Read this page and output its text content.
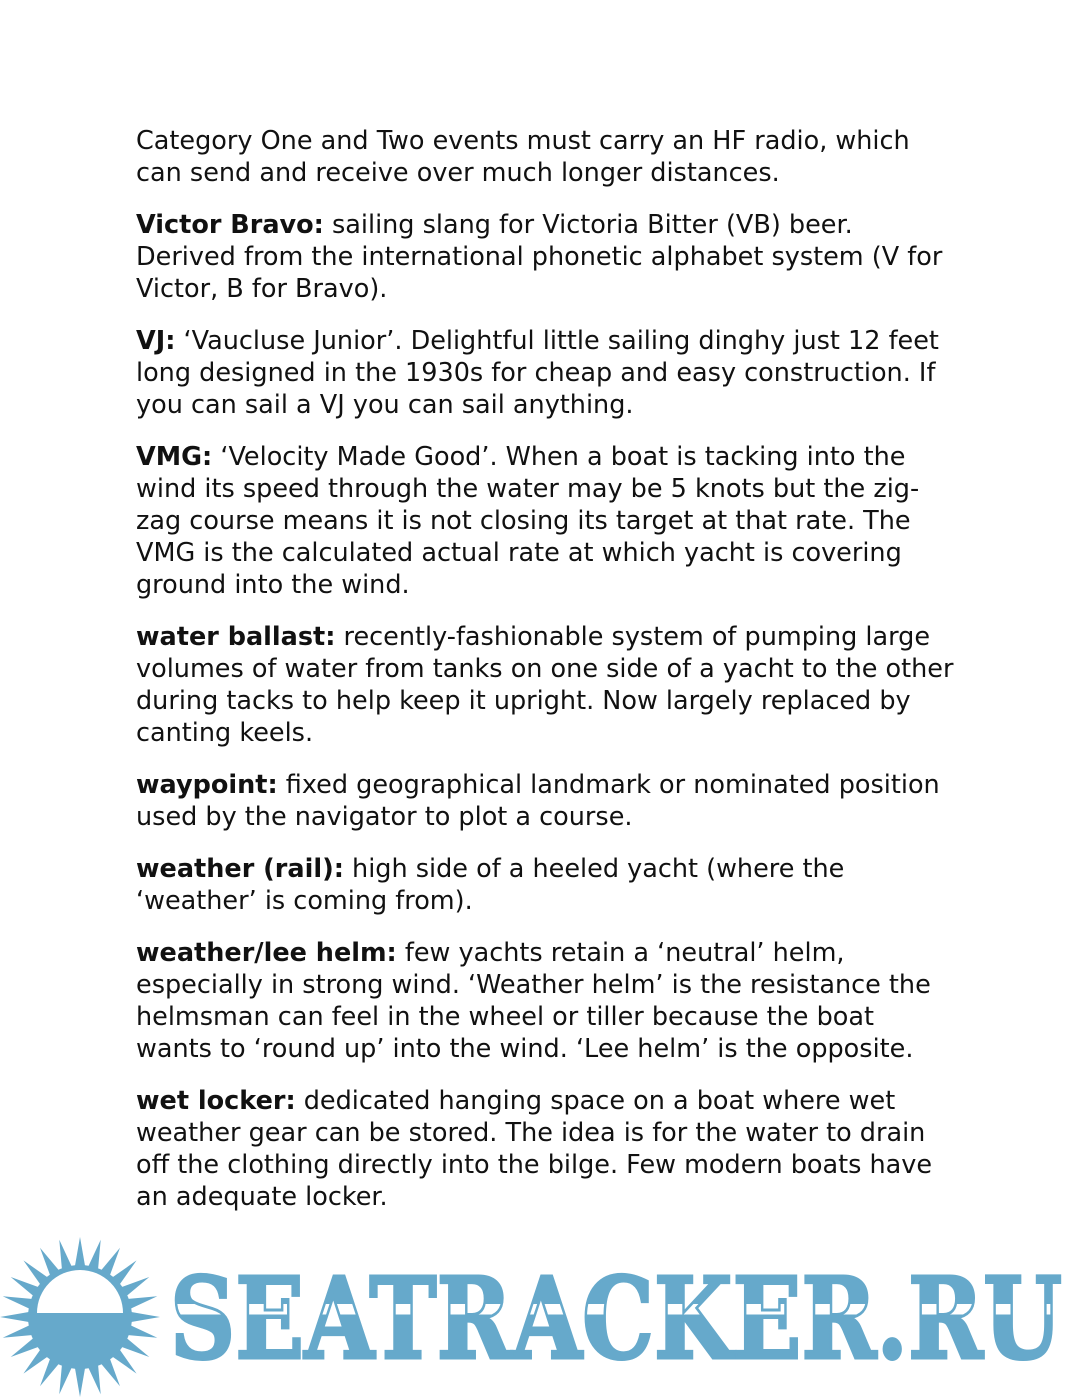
Category One and Two events must carry an HF radio, which can send and receive over much longer distances.

Victor Bravo: sailing slang for Victoria Bitter (VB) beer. Derived from the international phonetic alphabet system (V for Victor, B for Bravo).

VJ: ‘Vaucluse Junior’. Delightful little sailing dinghy just 12 feet long designed in the 1930s for cheap and easy construction. If you can sail a VJ you can sail anything.

VMG: ‘Velocity Made Good’. When a boat is tacking into the wind its speed through the water may be 5 knots but the zig-zag course means it is not closing its target at that rate. The VMG is the calculated actual rate at which yacht is covering ground into the wind.

water ballast: recently-fashionable system of pumping large volumes of water from tanks on one side of a yacht to the other during tacks to help keep it upright. Now largely replaced by canting keels.

waypoint: fixed geographical landmark or nominated position used by the navigator to plot a course.

weather (rail): high side of a heeled yacht (where the ‘weather’ is coming from).

weather/lee helm: few yachts retain a ‘neutral’ helm, especially in strong wind. ‘Weather helm’ is the resistance the helmsman can feel in the wheel or tiller because the boat wants to ‘round up’ into the wind. ‘Lee helm’ is the opposite.

wet locker: dedicated hanging space on a boat where wet weather gear can be stored. The idea is for the water to drain off the clothing directly into the bilge. Few modern boats have an adequate locker.

SEATRACKER.RU
